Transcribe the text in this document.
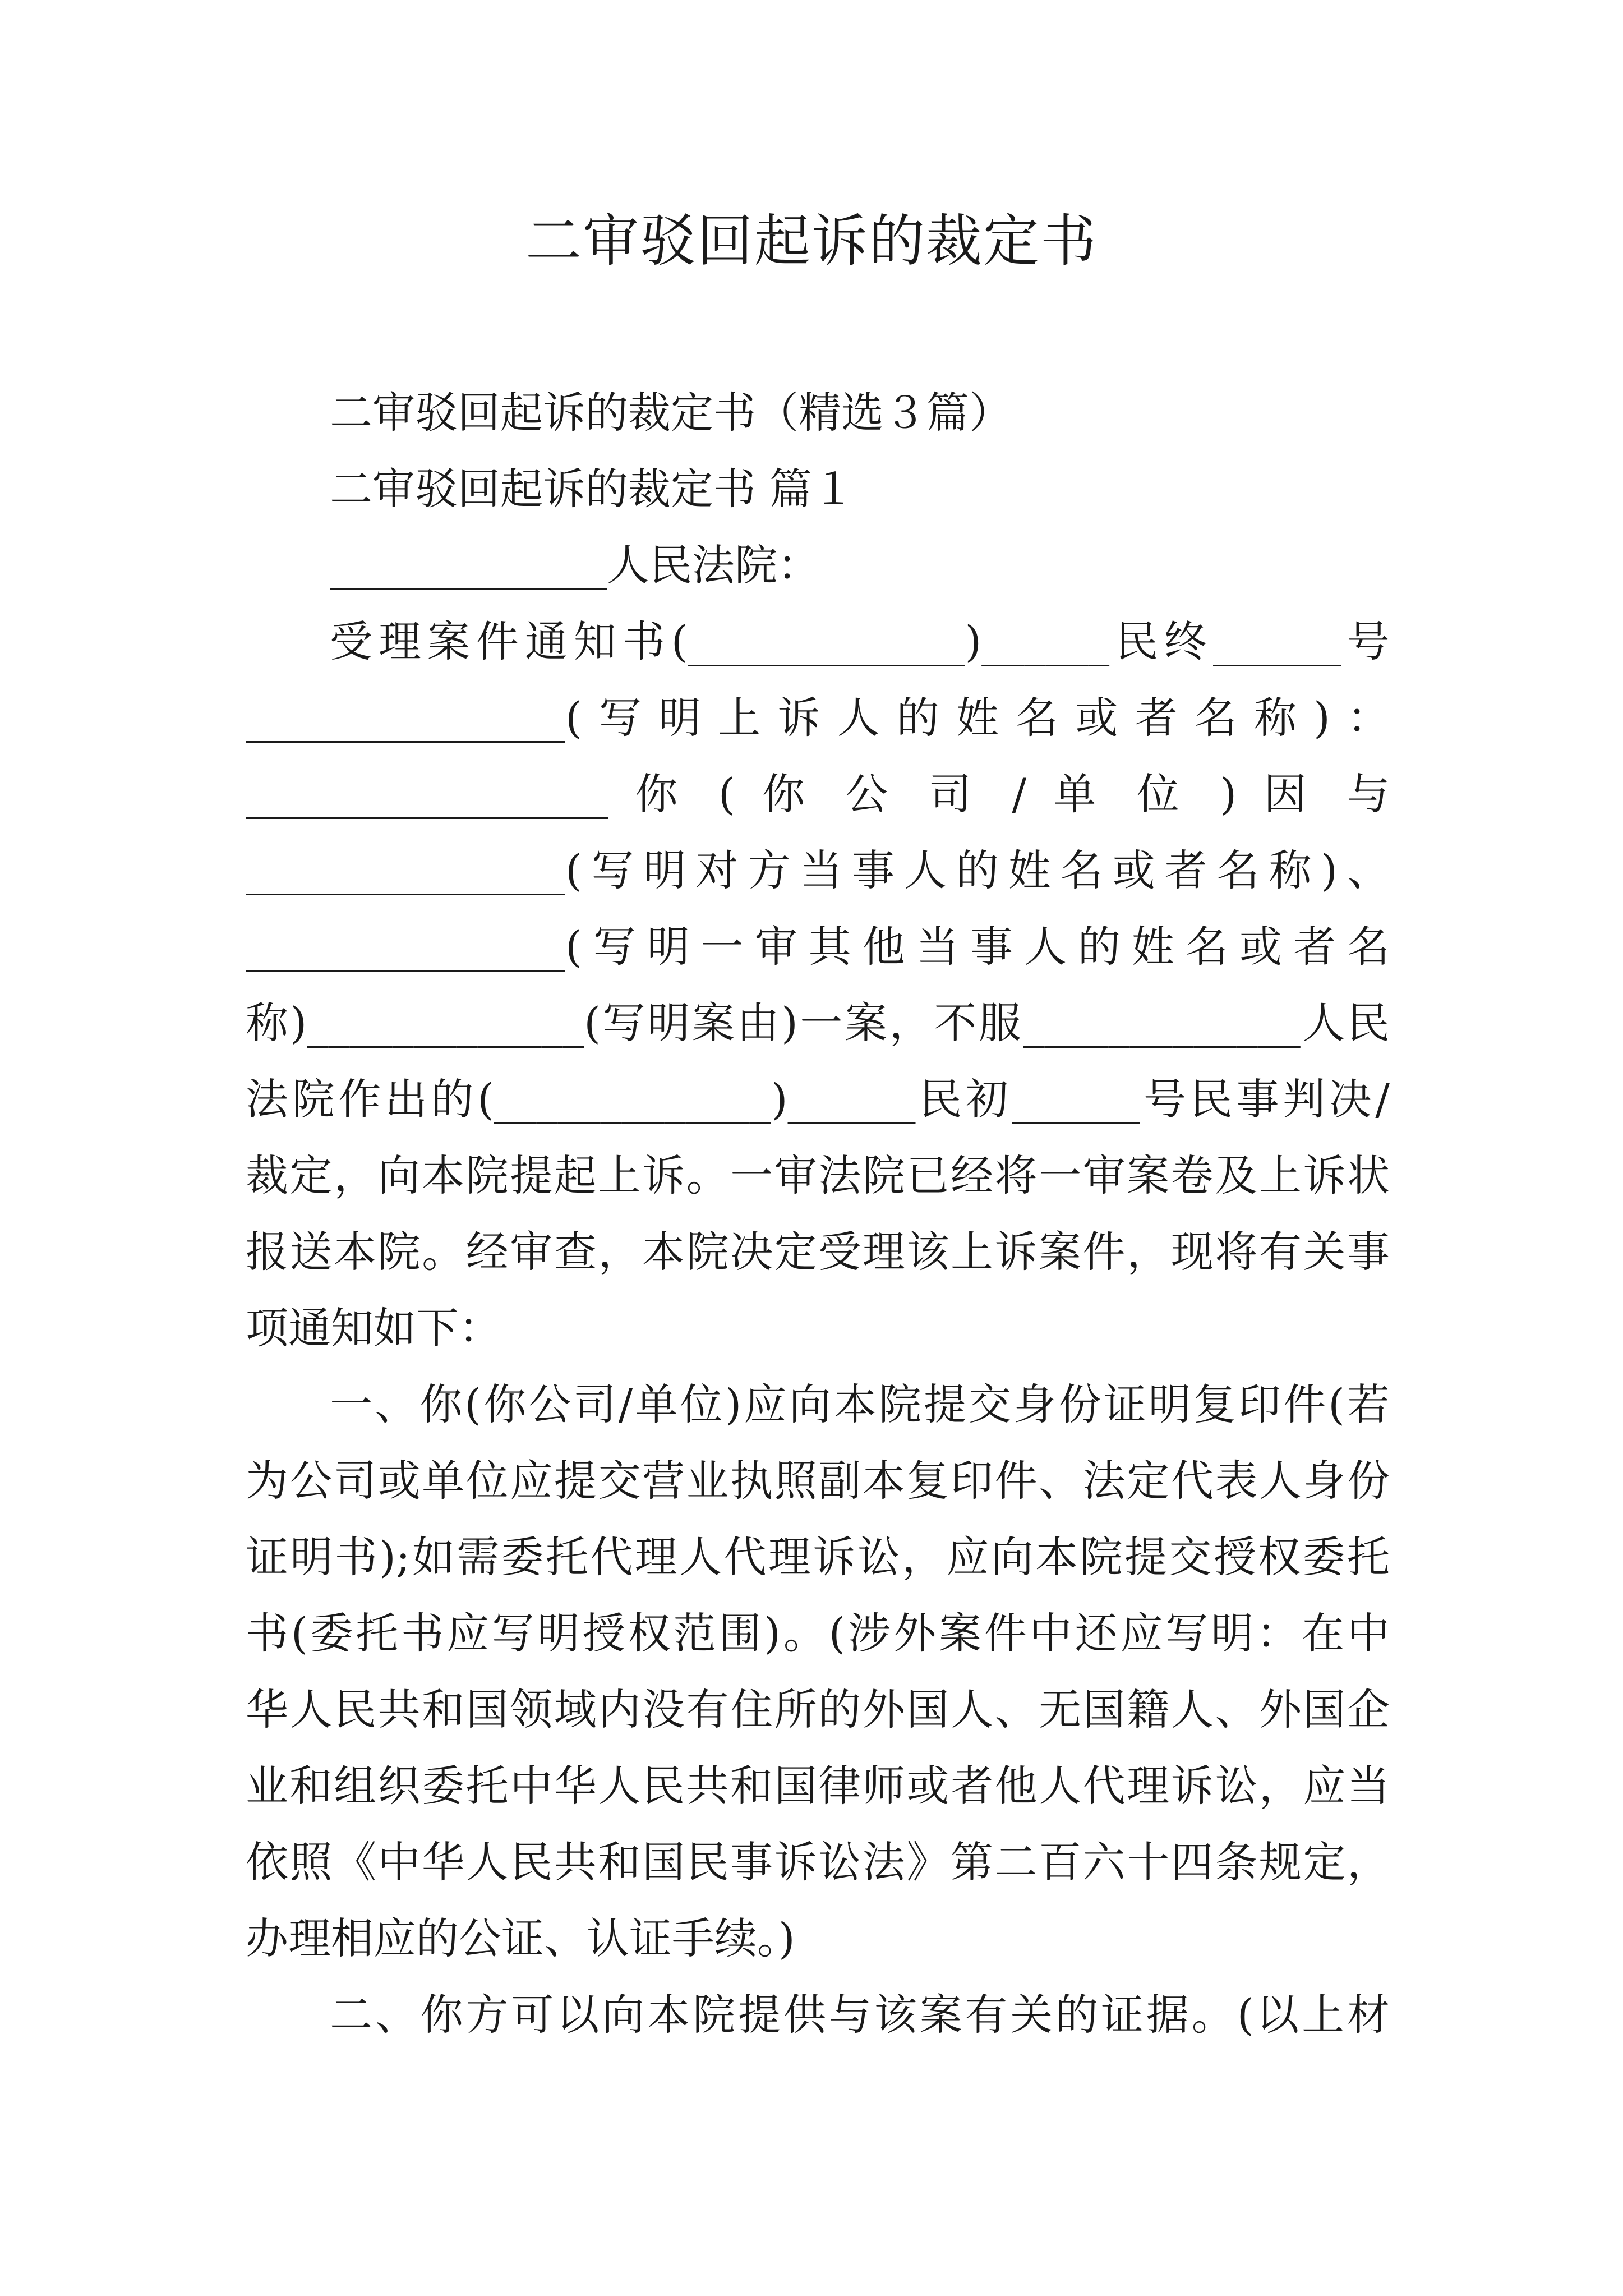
二审驳回起诉的裁定书
二审驳回起诉的裁定书（精选３篇）
二审驳回起诉的裁定书 篇１
_____________人民法院：
受理案件通知书(_____________)______民终______号
_______________(写明上诉人的姓名或者名称)：
_________________ 你 ( 你 公 司 / 单 位 ) 因 与
_______________(写明对方当事人的姓名或者名称)、
_______________(写明一审其他当事人的姓名或者名
称)_____________(写明案由)一案，不服_____________人民
法院作出的(_____________)______民初______号民事判决/
裁定，向本院提起上诉。一审法院已经将一审案卷及上诉状
报送本院。经审查，本院决定受理该上诉案件，现将有关事
项通知如下：
一、你(你公司/单位)应向本院提交身份证明复印件(若
为公司或单位应提交营业执照副本复印件、法定代表人身份
证明书);如需委托代理人代理诉讼，应向本院提交授权委托
书(委托书应写明授权范围)。(涉外案件中还应写明：在中
华人民共和国领域内没有住所的外国人、无国籍人、外国企
业和组织委托中华人民共和国律师或者他人代理诉讼，应当
依照《中华人民共和国民事诉讼法》第二百六十四条规定，
办理相应的公证、认证手续。)
二、你方可以向本院提供与该案有关的证据。(以上材
